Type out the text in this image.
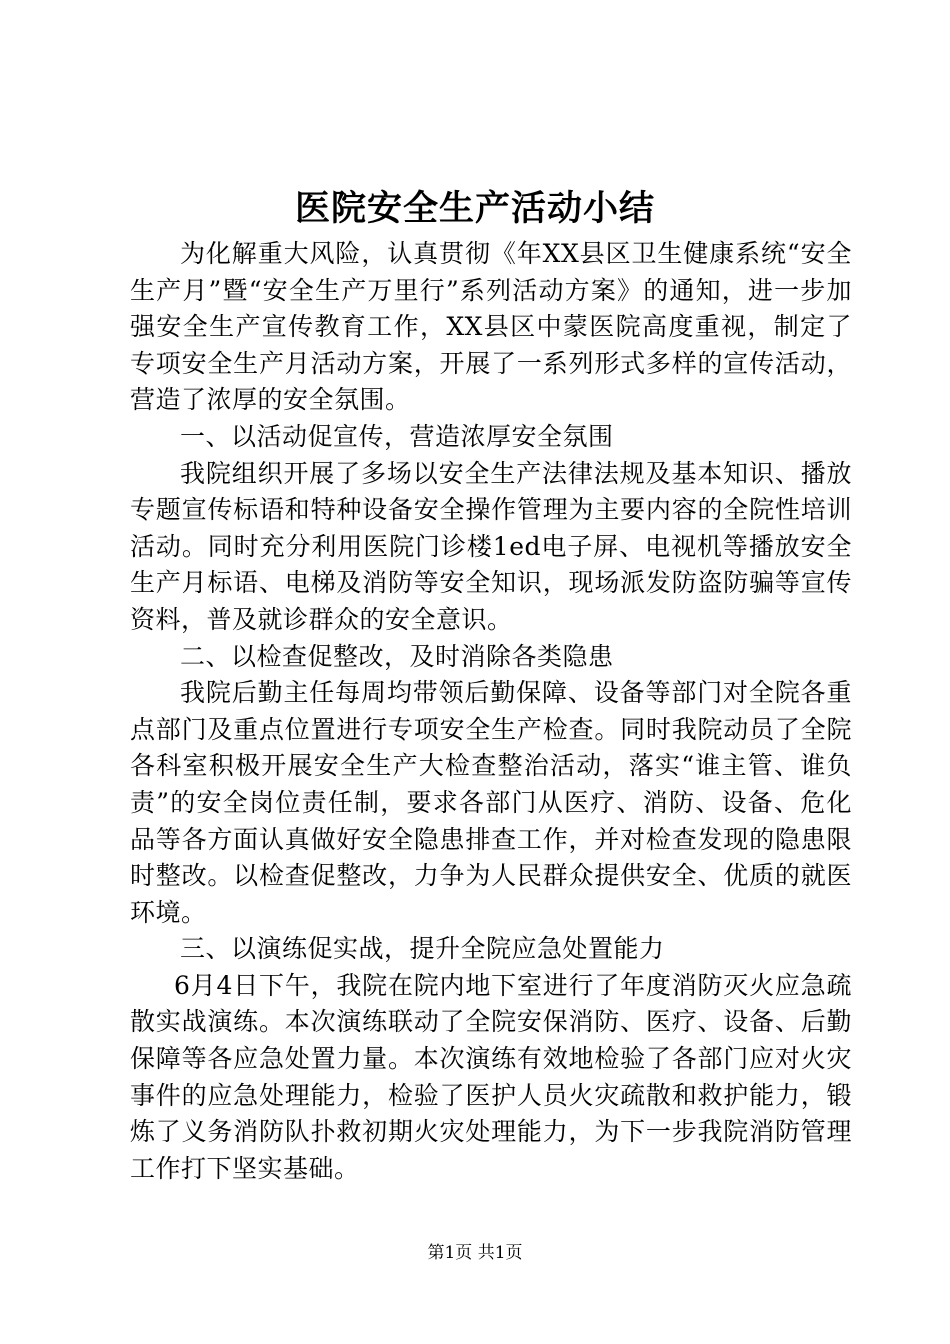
医院安全生产活动小结

为化解重大风险，认真贯彻《年XX县区卫生健康系统“安全生产月”暨“安全生产万里行”系列活动方案》的通知，进一步加强安全生产宣传教育工作，XX县区中蒙医院高度重视，制定了专项安全生产月活动方案，开展了一系列形式多样的宣传活动，营造了浓厚的安全氛围。

一、以活动促宣传，营造浓厚安全氛围

我院组织开展了多场以安全生产法律法规及基本知识、播放专题宣传标语和特种设备安全操作管理为主要内容的全院性培训活动。同时充分利用医院门诊楼1ed电子屏、电视机等播放安全生产月标语、电梯及消防等安全知识，现场派发防盗防骗等宣传资料，普及就诊群众的安全意识。

二、以检查促整改，及时消除各类隐患

我院后勤主任每周均带领后勤保障、设备等部门对全院各重点部门及重点位置进行专项安全生产检查。同时我院动员了全院各科室积极开展安全生产大检查整治活动，落实“谁主管、谁负责”的安全岗位责任制，要求各部门从医疗、消防、设备、危化品等各方面认真做好安全隐患排查工作，并对检查发现的隐患限时整改。以检查促整改，力争为人民群众提供安全、优质的就医环境。

三、以演练促实战，提升全院应急处置能力

6月4日下午，我院在院内地下室进行了年度消防灭火应急疏散实战演练。本次演练联动了全院安保消防、医疗、设备、后勤保障等各应急处置力量。本次演练有效地检验了各部门应对火灾事件的应急处理能力，检验了医护人员火灾疏散和救护能力，锻炼了义务消防队扑救初期火灾处理能力，为下一步我院消防管理工作打下坚实基础。

第1页 共1页
